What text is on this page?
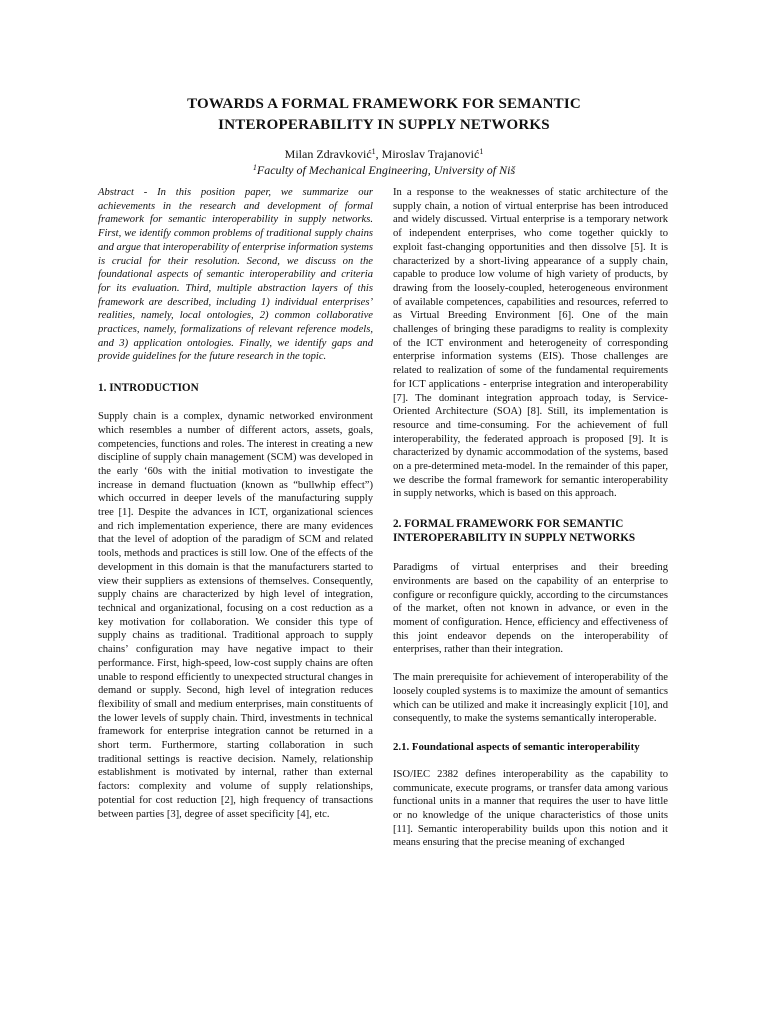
TOWARDS A FORMAL FRAMEWORK FOR SEMANTIC
INTEROPERABILITY IN SUPPLY NETWORKS
Milan Zdravković$^1$, Miroslav Trajanović$^1$
$^1$Faculty of Mechanical Engineering, University of Niš

Abstract - In this position paper, we summarize our achievements in the research and development of formal framework for semantic interoperability in supply networks. First, we identify common problems of traditional supply chains and argue that interoperability of enterprise information systems is crucial for their resolution. Second, we discuss on the foundational aspects of semantic interoperability and criteria for its evaluation. Third, multiple abstraction layers of this framework are described, including 1) individual enterprises’ realities, namely, local ontologies, 2) common collaborative practices, namely, formalizations of relevant reference models, and 3) application ontologies. Finally, we identify gaps and provide guidelines for the future research in the topic.

1. INTRODUCTION

Supply chain is a complex, dynamic networked environment which resembles a number of different actors, assets, goals, competencies, functions and roles. The interest in creating a new discipline of supply chain management (SCM) was developed in the early ‘60s with the initial motivation to investigate the increase in demand fluctuation (known as “bullwhip effect”) which occurred in deeper levels of the manufacturing supply tree [1]. Despite the advances in ICT, organizational sciences and rich implementation experience, there are many evidences that the level of adoption of the paradigm of SCM and related tools, methods and practices is still low. One of the effects of the development in this domain is that the manufacturers started to view their suppliers as extensions of themselves. Consequently, supply chains are characterized by high level of integration, technical and organizational, focusing on a cost reduction as a key motivation for collaboration. We consider this type of supply chains as traditional. Traditional approach to supply chains’ configuration may have negative impact to their performance. First, high-speed, low-cost supply chains are often unable to respond efficiently to unexpected structural changes in demand or supply. Second, high level of integration reduces flexibility of small and medium enterprises, main constituents of the lower levels of supply chain. Third, investments in technical framework for enterprise integration cannot be returned in a short term. Furthermore, starting collaboration in such traditional settings is reactive decision. Namely, relationship establishment is motivated by internal, rather than external factors: complexity and volume of supply relationships, potential for cost reduction [2], high frequency of transactions between parties [3], degree of asset specificity [4], etc.

In a response to the weaknesses of static architecture of the supply chain, a notion of virtual enterprise has been introduced and widely discussed. Virtual enterprise is a temporary network of independent enterprises, who come together quickly to exploit fast-changing opportunities and then dissolve [5]. It is characterized by a short-living appearance of a supply chain, capable to produce low volume of high variety of products, by drawing from the loosely-coupled, heterogeneous environment of available competences, capabilities and resources, referred to as Virtual Breeding Environment [6]. One of the main challenges of bringing these paradigms to reality is complexity of the ICT environment and heterogeneity of corresponding enterprise information systems (EIS). Those challenges are related to realization of some of the fundamental requirements for ICT applications - enterprise integration and interoperability [7]. The dominant integration approach today, is Service-Oriented Architecture (SOA) [8]. Still, its implementation is resource and time-consuming. For the achievement of full interoperability, the federated approach is proposed [9]. It is characterized by dynamic accommodation of the systems, based on a pre-determined meta-model. In the remainder of this paper, we describe the formal framework for semantic interoperability in supply networks, which is based on this approach.

2. FORMAL FRAMEWORK FOR SEMANTIC
INTEROPERABILITY IN SUPPLY NETWORKS

Paradigms of virtual enterprises and their breeding environments are based on the capability of an enterprise to configure or reconfigure quickly, according to the circumstances of the market, often not known in advance, or even in the moment of configuration. Hence, efficiency and effectiveness of this joint endeavor depends on the interoperability of enterprises, rather than their integration.

The main prerequisite for achievement of interoperability of the loosely coupled systems is to maximize the amount of semantics which can be utilized and make it increasingly explicit [10], and consequently, to make the systems semantically interoperable.

2.1. Foundational aspects of semantic interoperability

ISO/IEC 2382 defines interoperability as the capability to communicate, execute programs, or transfer data among various functional units in a manner that requires the user to have little or no knowledge of the unique characteristics of those units [11]. Semantic interoperability builds upon this notion and it means ensuring that the precise meaning of exchanged
